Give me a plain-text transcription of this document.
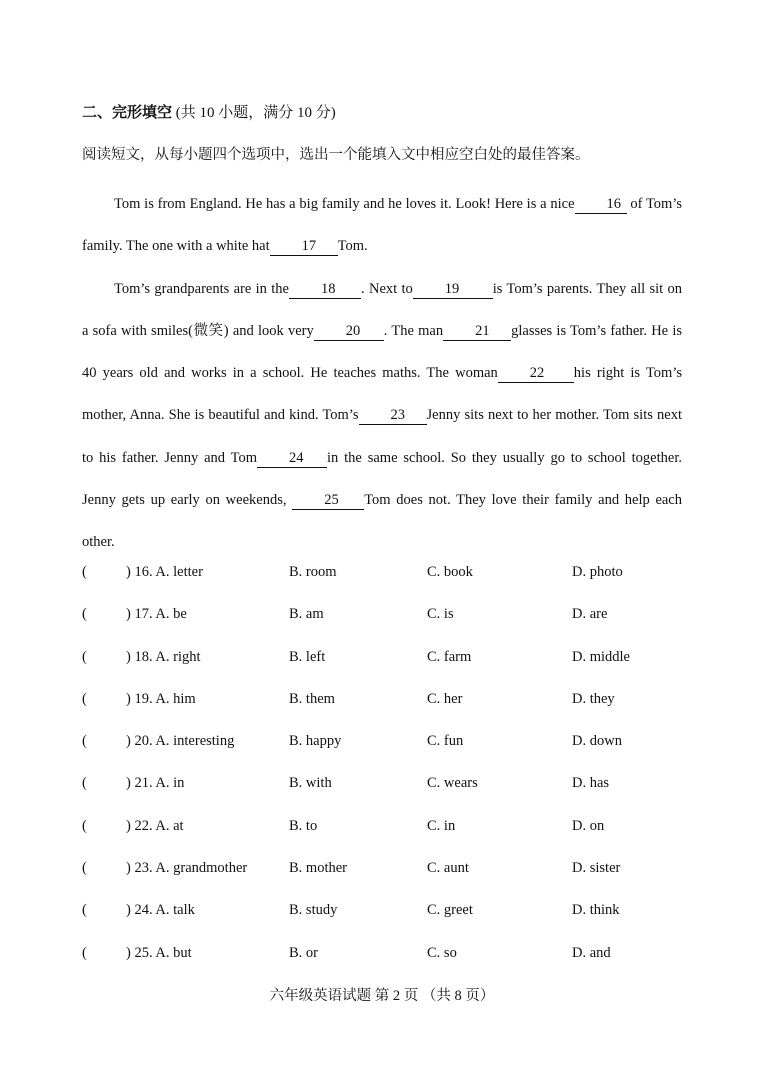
二、完形填空 (共 10 小题，满分 10 分)
阅读短文，从每小题四个选项中，选出一个能填入文中相应空白处的最佳答案。

Tom is from England. He has a big family and he loves it. Look! Here is a nice 16 of Tom’s family. The one with a white hat 17 Tom.

Tom’s grandparents are in the 18 . Next to 19 is Tom’s parents. They all sit on a sofa with smiles(微笑) and look very 20 . The man 21 glasses is Tom’s father. He is 40 years old and works in a school. He teaches maths. The woman 22 his right is Tom’s mother, Anna. She is beautiful and kind. Tom’s 23 Jenny sits next to her mother. Tom sits next to his father. Jenny and Tom 24 in the same school. So they usually go to school together. Jenny gets up early on weekends,	25 Tom does not. They love their family and help each other.

(	) 16. A. letter	B. room	C. book	D. photo
(	) 17. A. be	B. am	C. is	D. are
(	) 18. A. right	B. left	C. farm	D. middle
(	) 19. A. him	B. them	C. her	D. they
(	) 20. A. interesting	B. happy	C. fun	D. down
(	) 21. A. in	B. with	C. wears	D. has
(	) 22. A. at	B. to	C. in	D. on
(	) 23. A. grandmother	B. mother	C. aunt	D. sister
(	) 24. A. talk	B. study	C. greet	D. think
(	) 25. A. but	B. or	C. so	D. and
六年级英语试题 第 2 页 （共 8 页）
